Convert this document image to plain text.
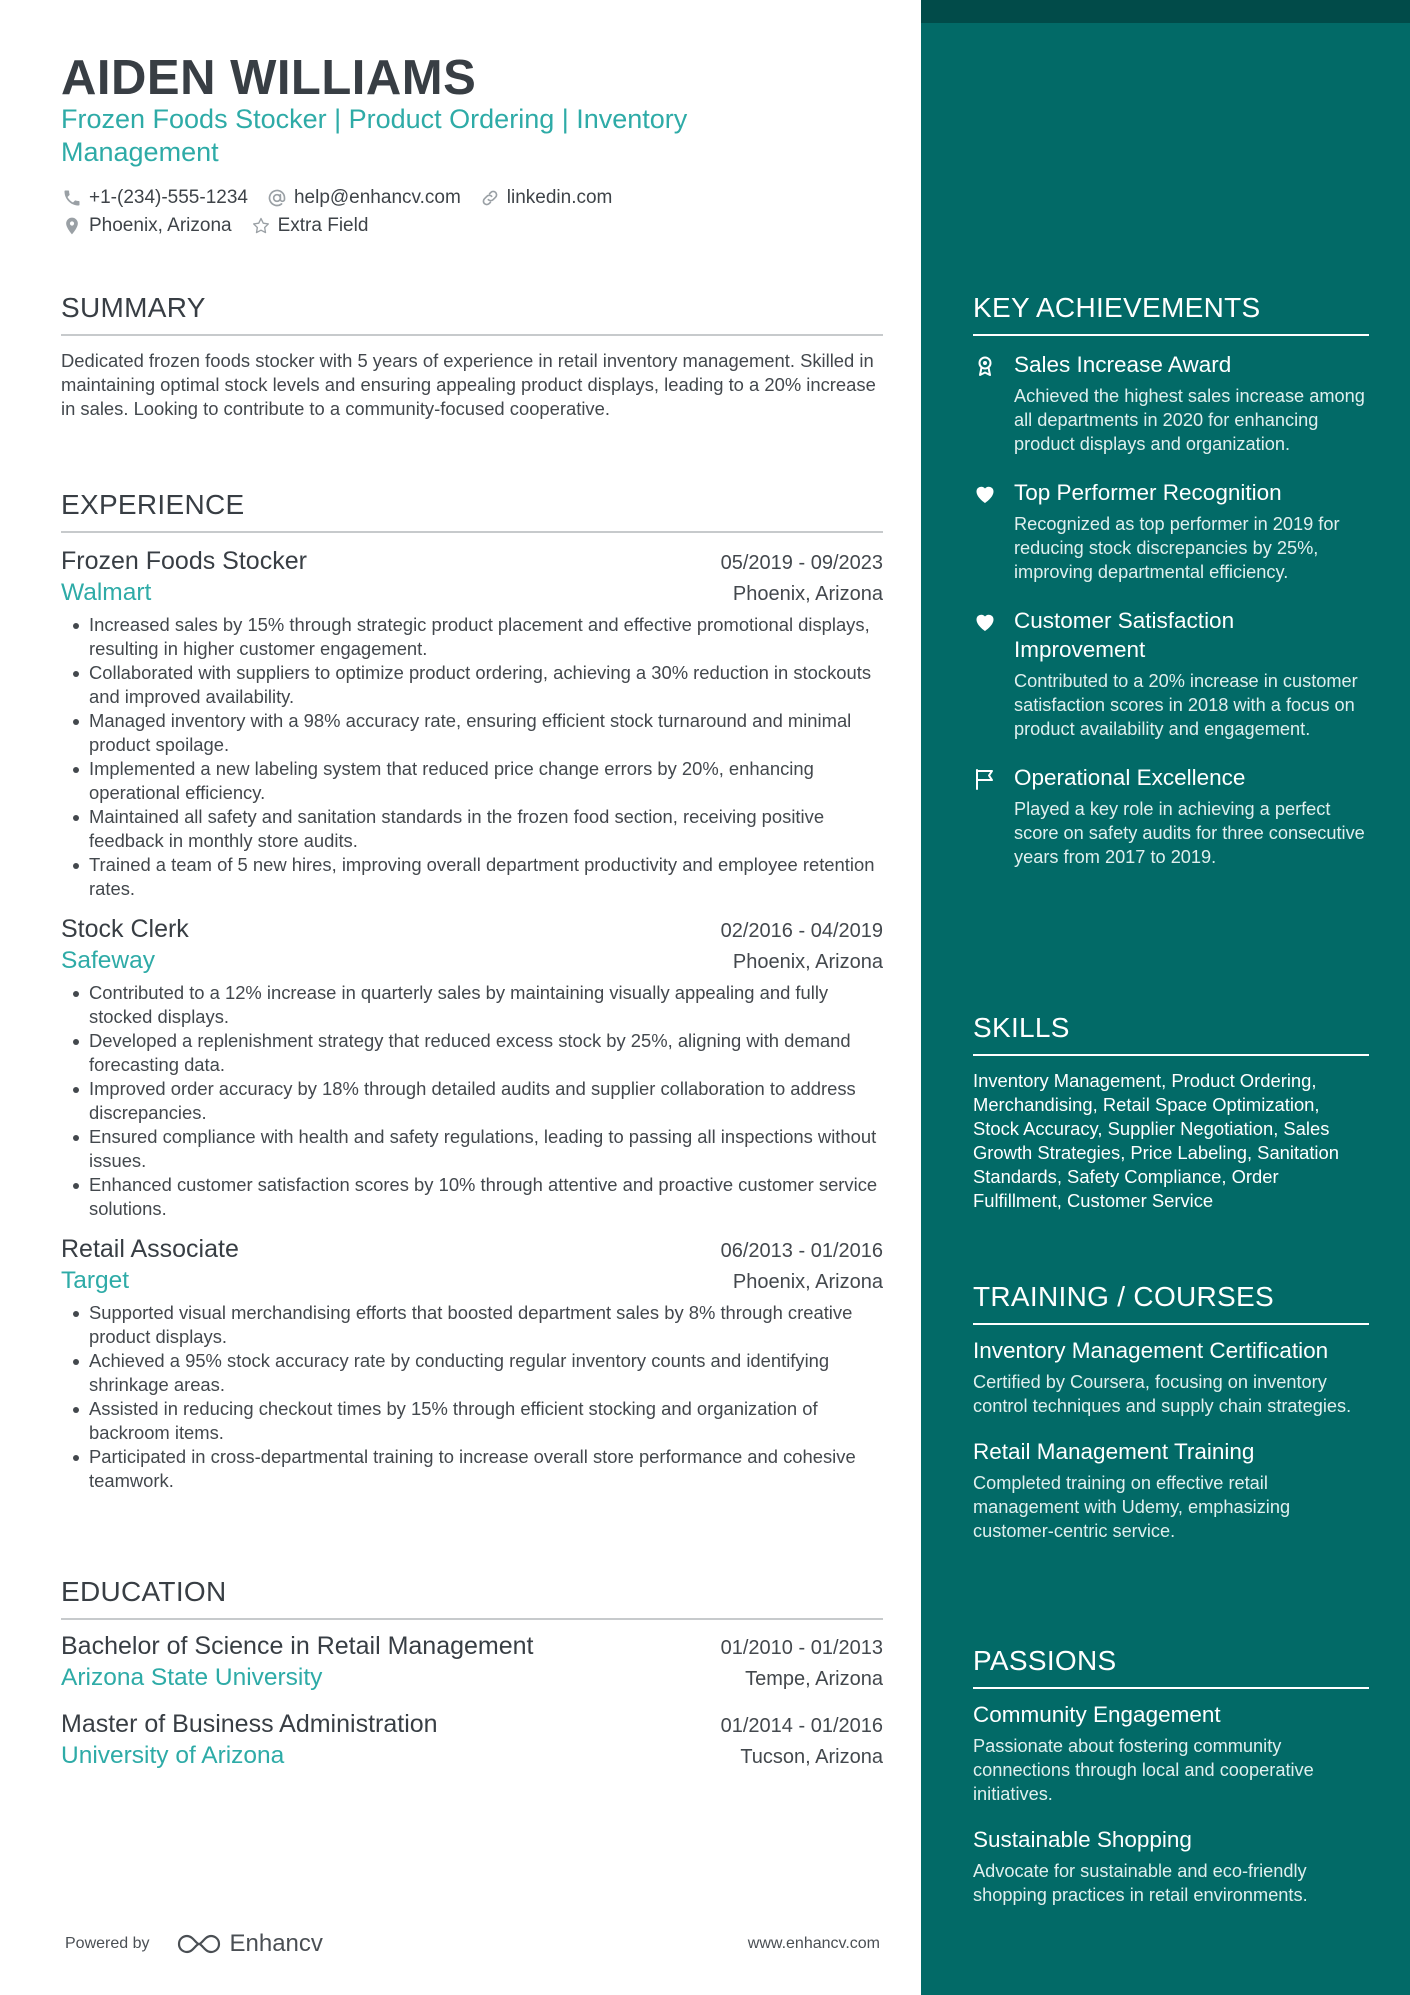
AIDEN WILLIAMS
Frozen Foods Stocker | Product Ordering | Inventory Management
+1-(234)-555-1234 help@enhancv.com linkedin.com
Phoenix, Arizona Extra Field
SUMMARY
Dedicated frozen foods stocker with 5 years of experience in retail inventory management. Skilled in maintaining optimal stock levels and ensuring appealing product displays, leading to a 20% increase in sales. Looking to contribute to a community-focused cooperative.
EXPERIENCE
Frozen Foods Stocker	05/2019 - 09/2023
Walmart	Phoenix, Arizona
Increased sales by 15% through strategic product placement and effective promotional displays, resulting in higher customer engagement.
Collaborated with suppliers to optimize product ordering, achieving a 30% reduction in stockouts and improved availability.
Managed inventory with a 98% accuracy rate, ensuring efficient stock turnaround and minimal product spoilage.
Implemented a new labeling system that reduced price change errors by 20%, enhancing operational efficiency.
Maintained all safety and sanitation standards in the frozen food section, receiving positive feedback in monthly store audits.
Trained a team of 5 new hires, improving overall department productivity and employee retention rates.
Stock Clerk	02/2016 - 04/2019
Safeway	Phoenix, Arizona
Contributed to a 12% increase in quarterly sales by maintaining visually appealing and fully stocked displays.
Developed a replenishment strategy that reduced excess stock by 25%, aligning with demand forecasting data.
Improved order accuracy by 18% through detailed audits and supplier collaboration to address discrepancies.
Ensured compliance with health and safety regulations, leading to passing all inspections without issues.
Enhanced customer satisfaction scores by 10% through attentive and proactive customer service solutions.
Retail Associate	06/2013 - 01/2016
Target	Phoenix, Arizona
Supported visual merchandising efforts that boosted department sales by 8% through creative product displays.
Achieved a 95% stock accuracy rate by conducting regular inventory counts and identifying shrinkage areas.
Assisted in reducing checkout times by 15% through efficient stocking and organization of backroom items.
Participated in cross-departmental training to increase overall store performance and cohesive teamwork.
EDUCATION
Bachelor of Science in Retail Management	01/2010 - 01/2013
Arizona State University	Tempe, Arizona
Master of Business Administration	01/2014 - 01/2016
University of Arizona	Tucson, Arizona
Powered by	Enhancv	www.enhancv.com
KEY ACHIEVEMENTS
Sales Increase Award
Achieved the highest sales increase among all departments in 2020 for enhancing product displays and organization.
Top Performer Recognition
Recognized as top performer in 2019 for reducing stock discrepancies by 25%, improving departmental efficiency.
Customer Satisfaction Improvement
Contributed to a 20% increase in customer satisfaction scores in 2018 with a focus on product availability and engagement.
Operational Excellence
Played a key role in achieving a perfect score on safety audits for three consecutive years from 2017 to 2019.
SKILLS
Inventory Management, Product Ordering, Merchandising, Retail Space Optimization, Stock Accuracy, Supplier Negotiation, Sales Growth Strategies, Price Labeling, Sanitation Standards, Safety Compliance, Order Fulfillment, Customer Service
TRAINING / COURSES
Inventory Management Certification
Certified by Coursera, focusing on inventory control techniques and supply chain strategies.
Retail Management Training
Completed training on effective retail management with Udemy, emphasizing customer-centric service.
PASSIONS
Community Engagement
Passionate about fostering community connections through local and cooperative initiatives.
Sustainable Shopping
Advocate for sustainable and eco-friendly shopping practices in retail environments.
